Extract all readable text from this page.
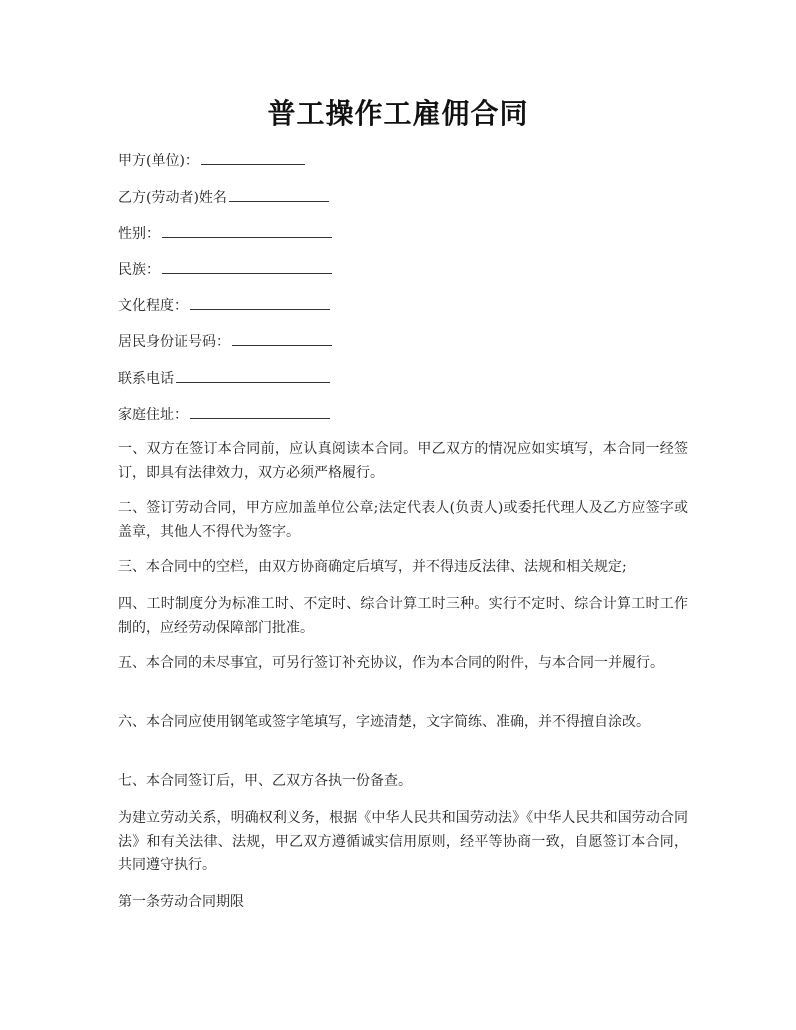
普工操作工雇佣合同
甲方(单位)：
乙方(劳动者)姓名
性别：
民族：
文化程度：
居民身份证号码：
联系电话
家庭住址：

一、双方在签订本合同前，应认真阅读本合同。甲乙双方的情况应如实填写，本合同一经签订，即具有法律效力，双方必须严格履行。

二、签订劳动合同，甲方应加盖单位公章;法定代表人(负责人)或委托代理人及乙方应签字或盖章，其他人不得代为签字。

三、本合同中的空栏，由双方协商确定后填写，并不得违反法律、法规和相关规定;

四、工时制度分为标准工时、不定时、综合计算工时三种。实行不定时、综合计算工时工作制的，应经劳动保障部门批准。

五、本合同的未尽事宜，可另行签订补充协议，作为本合同的附件，与本合同一并履行。

六、本合同应使用钢笔或签字笔填写，字迹清楚，文字简练、准确，并不得擅自涂改。

七、本合同签订后，甲、乙双方各执一份备查。

为建立劳动关系，明确权利义务，根据《中华人民共和国劳动法》《中华人民共和国劳动合同法》和有关法律、法规，甲乙双方遵循诚实信用原则，经平等协商一致，自愿签订本合同，共同遵守执行。

第一条劳动合同期限
